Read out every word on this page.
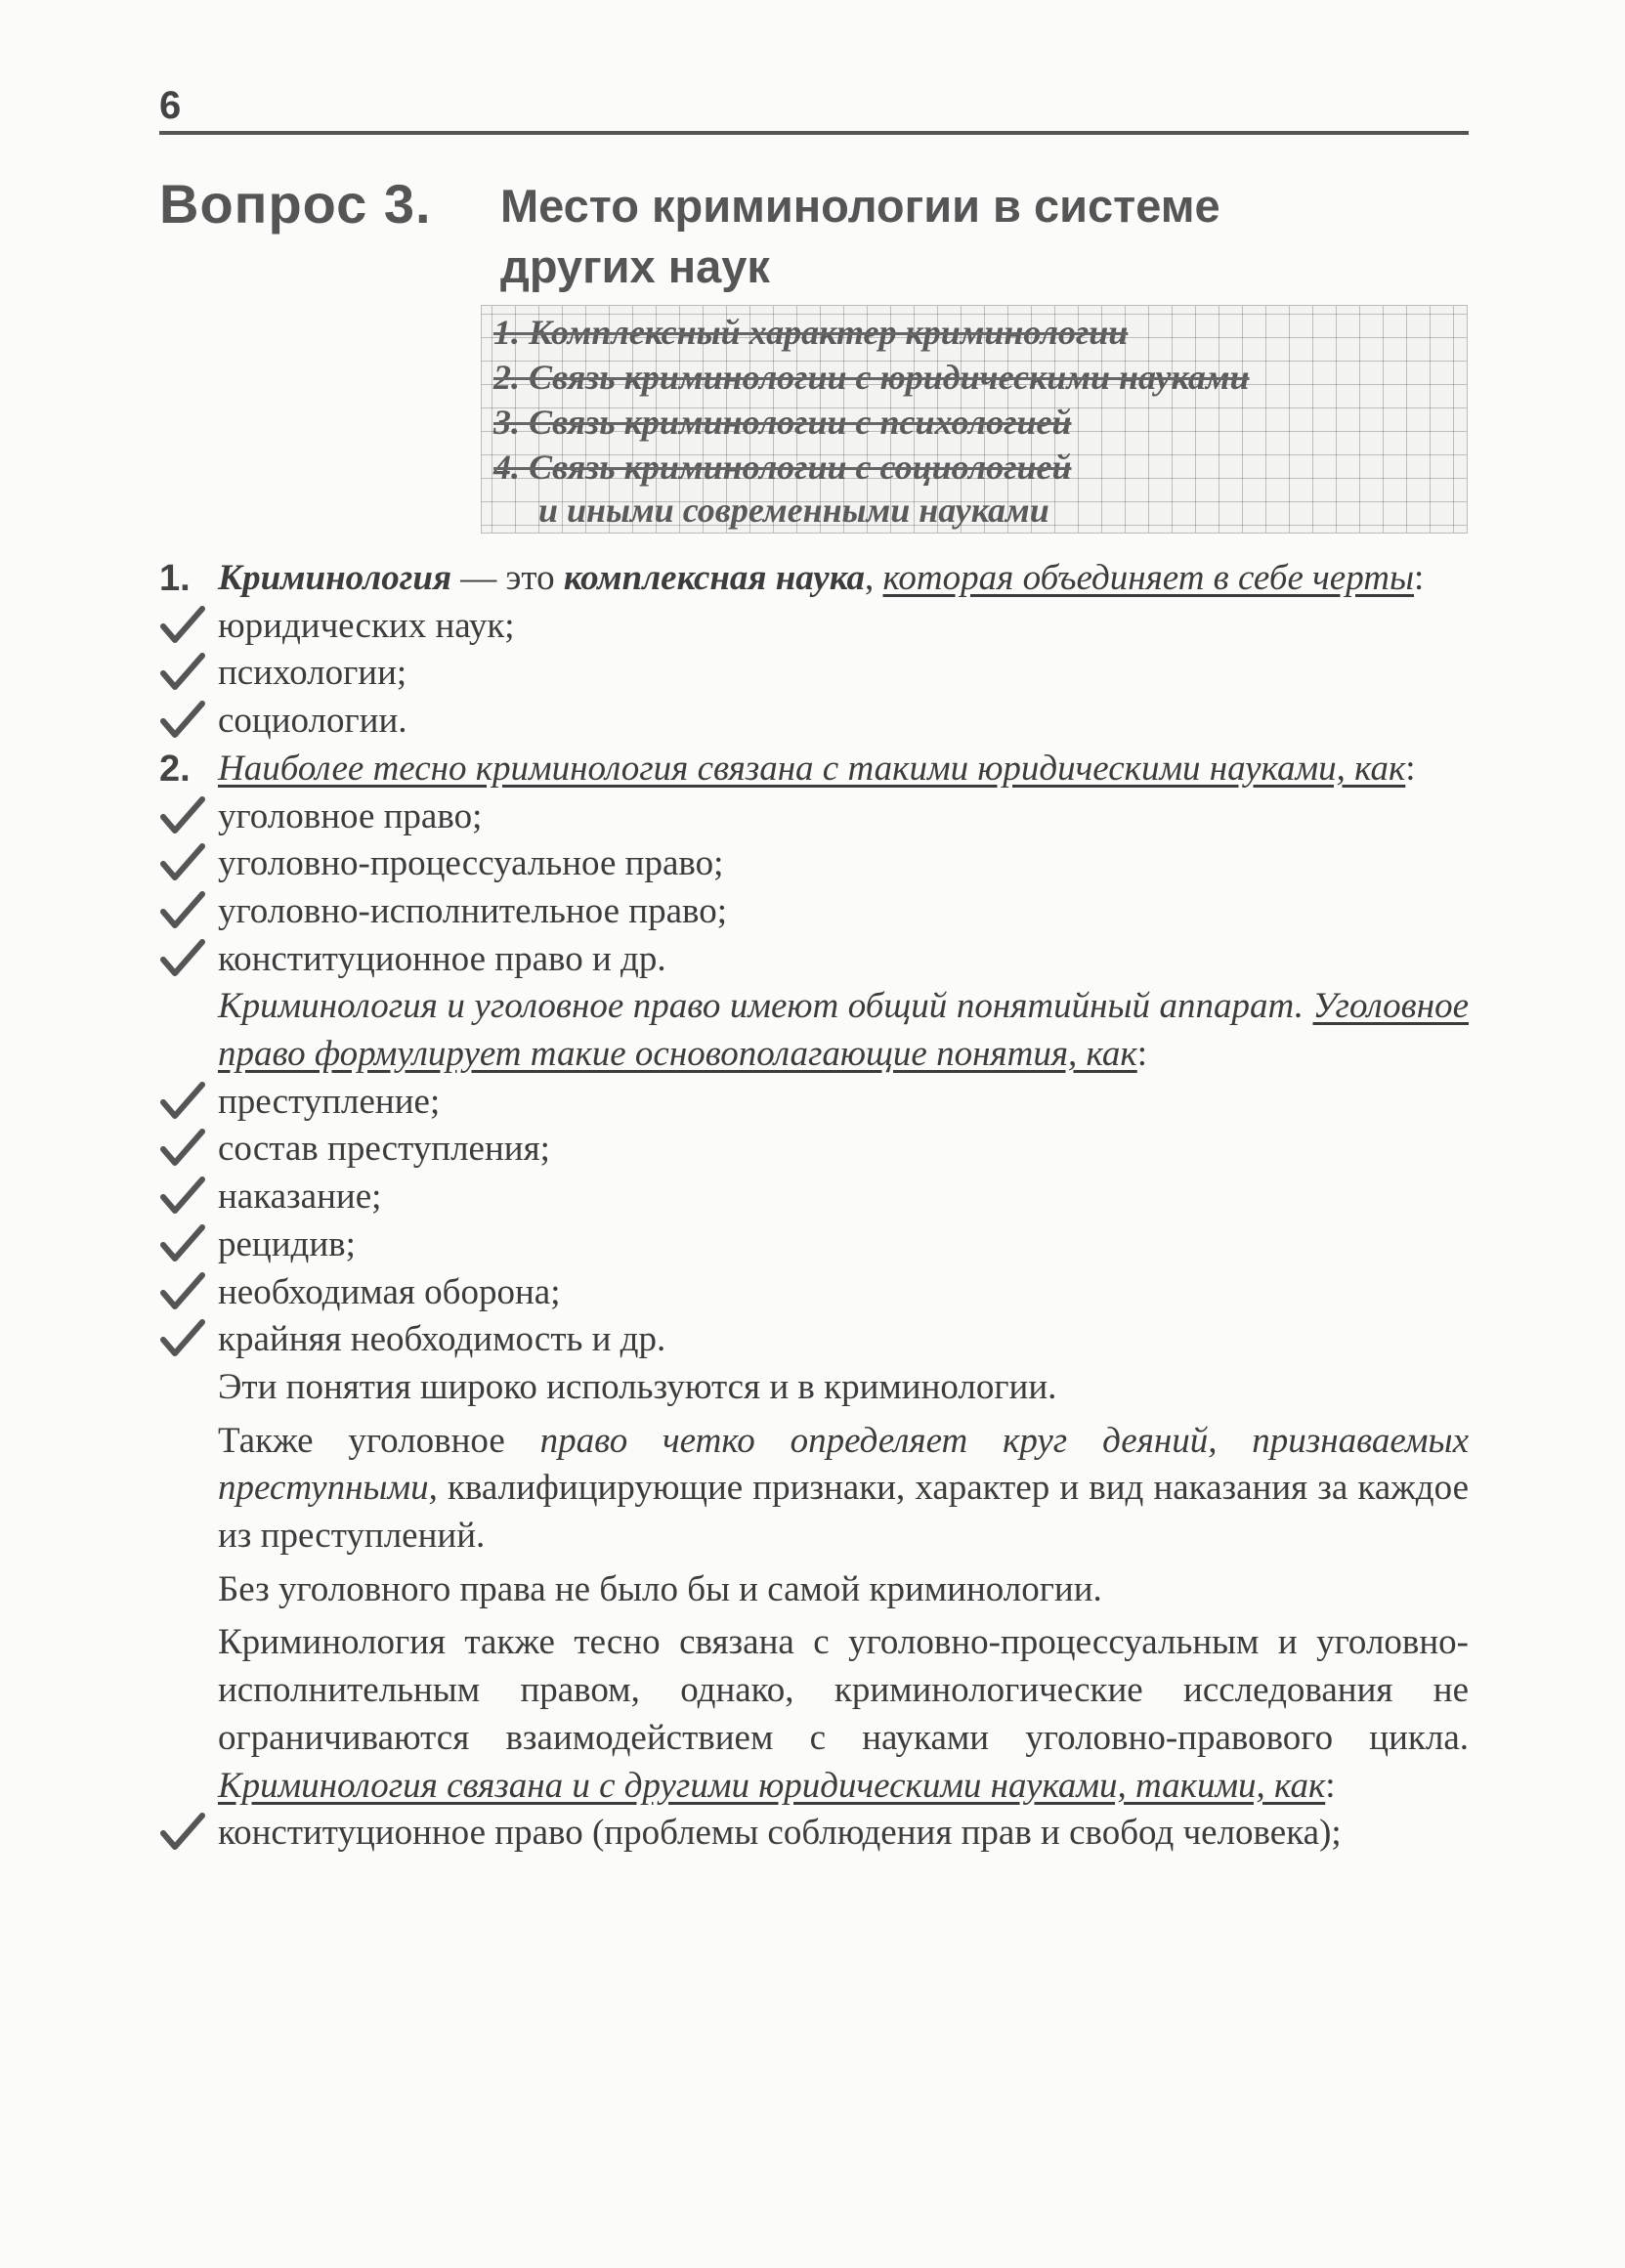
6
Вопрос 3. Место криминологии в системе
других наук
1. Комплексный характер криминологии
2. Связь криминологии с юридическими науками
3. Связь криминологии с психологией
4. Связь криминологии с социологией
и иными современными науками
1. Криминология — это комплексная наука, которая объединяет в себе черты:
юридических наук;
психологии;
социологии.
2. Наиболее тесно криминология связана с такими юридическими науками, как:
уголовное право;
уголовно-процессуальное право;
уголовно-исполнительное право;
конституционное право и др.
Криминология и уголовное право имеют общий понятийный аппарат. Уголовное право формулирует такие основополагающие понятия, как:
преступление;
состав преступления;
наказание;
рецидив;
необходимая оборона;
крайняя необходимость и др.
Эти понятия широко используются и в криминологии.
Также уголовное право четко определяет круг деяний, признаваемых преступными, квалифицирующие признаки, характер и вид наказания за каждое из преступлений.
Без уголовного права не было бы и самой криминологии.
Криминология также тесно связана с уголовно-процессуальным и уголовно-исполнительным правом, однако, криминологические исследования не ограничиваются взаимодействием с науками уголовно-правового цикла. Криминология связана и с другими юридическими науками, такими, как:
конституционное право (проблемы соблюдения прав и свобод человека);
